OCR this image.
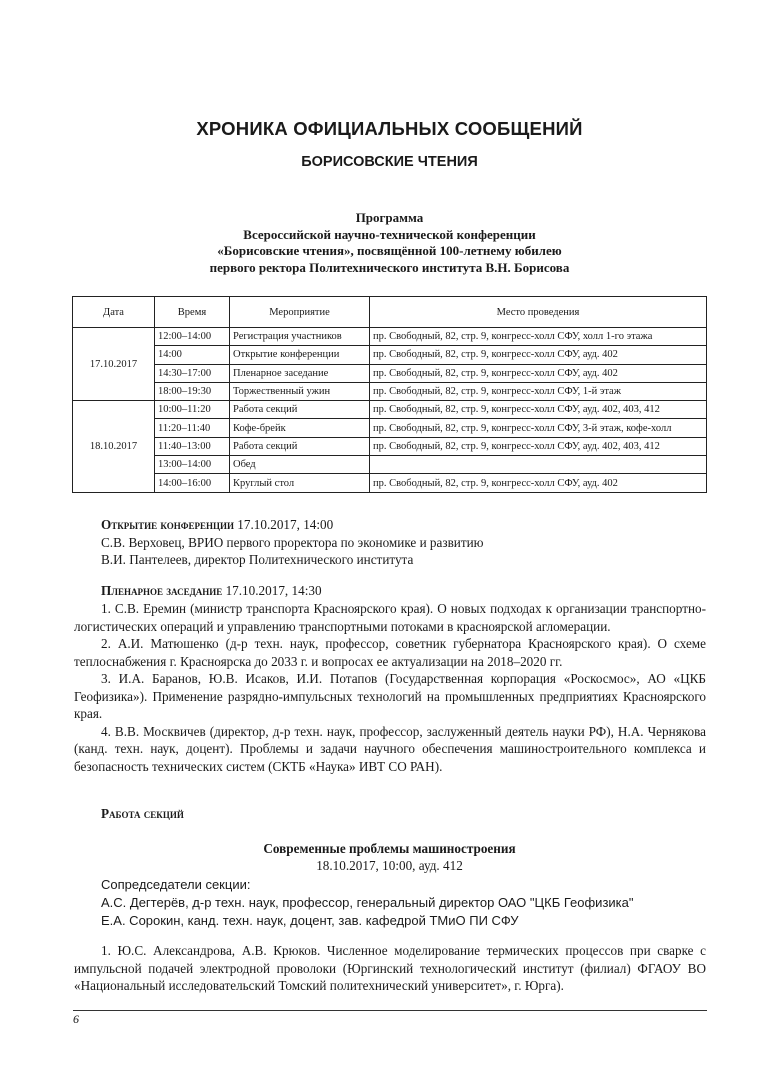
ХРОНИКА ОФИЦИАЛЬНЫХ СООБЩЕНИЙ
БОРИСОВСКИЕ ЧТЕНИЯ
Программа
Всероссийской научно-технической конференции
«Борисовские чтения», посвящённой 100-летнему юбилею
первого ректора Политехнического института В.Н. Борисова
Дата	Время	Мероприятие	Место проведения
17.10.2017	12:00–14:00	Регистрация участников	пр. Свободный, 82, стр. 9, конгресс-холл СФУ, холл 1-го этажа
	14:00	Открытие конференции	пр. Свободный, 82, стр. 9, конгресс-холл СФУ, ауд. 402
	14:30–17:00	Пленарное заседание	пр. Свободный, 82, стр. 9, конгресс-холл СФУ, ауд. 402
	18:00–19:30	Торжественный ужин	пр. Свободный, 82, стр. 9, конгресс-холл СФУ, 1-й этаж
18.10.2017	10:00–11:20	Работа секций	пр. Свободный, 82, стр. 9, конгресс-холл СФУ, ауд. 402, 403, 412
	11:20–11:40	Кофе-брейк	пр. Свободный, 82, стр. 9, конгресс-холл СФУ, 3-й этаж, кофе-холл
	11:40–13:00	Работа секций	пр. Свободный, 82, стр. 9, конгресс-холл СФУ, ауд. 402, 403, 412
	13:00–14:00	Обед	
	14:00–16:00	Круглый стол	пр. Свободный, 82, стр. 9, конгресс-холл СФУ, ауд. 402
Открытие конференции 17.10.2017, 14:00
С.В. Верховец, ВРИО первого проректора по экономике и развитию
В.И. Пантелеев, директор Политехнического института
Пленарное заседание 17.10.2017, 14:30

1. С.В. Еремин (министр транспорта Красноярского края). О новых подходах к организации транспортно-логистических операций и управлению транспортными потоками в красноярской агломерации.

2. А.И. Матюшенко (д-р техн. наук, профессор, советник губернатора Красноярского края). О схеме теплоснабжения г. Красноярска до 2033 г. и вопросах ее актуализации на 2018–2020 гг.

3. И.А. Баранов, Ю.В. Исаков, И.И. Потапов (Государственная корпорация «Роскосмос», АО «ЦКБ Геофизика»). Применение разрядно-импульсных технологий на промышленных предприятиях Красноярского края.

4. В.В. Москвичев (директор, д-р техн. наук, профессор, заслуженный деятель науки РФ), Н.А. Чернякова (канд. техн. наук, доцент). Проблемы и задачи научного обеспечения машиностроительного комплекса и безопасность технических систем (СКТБ «Наука» ИВТ СО РАН).

Работа секций
Современные проблемы машиностроения
18.10.2017, 10:00, ауд. 412
Сопредседатели секции:
А.С. Дегтерёв, д-р техн. наук, профессор, генеральный директор ОАО "ЦКБ Геофизика"
Е.А. Сорокин, канд. техн. наук, доцент, зав. кафедрой ТМиО ПИ СФУ

1. Ю.С. Александрова, А.В. Крюков. Численное моделирование термических процессов при сварке с импульсной подачей электродной проволоки (Юргинский технологический институт (филиал) ФГАОУ ВО «Национальный исследовательский Томский политехнический университет», г. Юрга).

6
